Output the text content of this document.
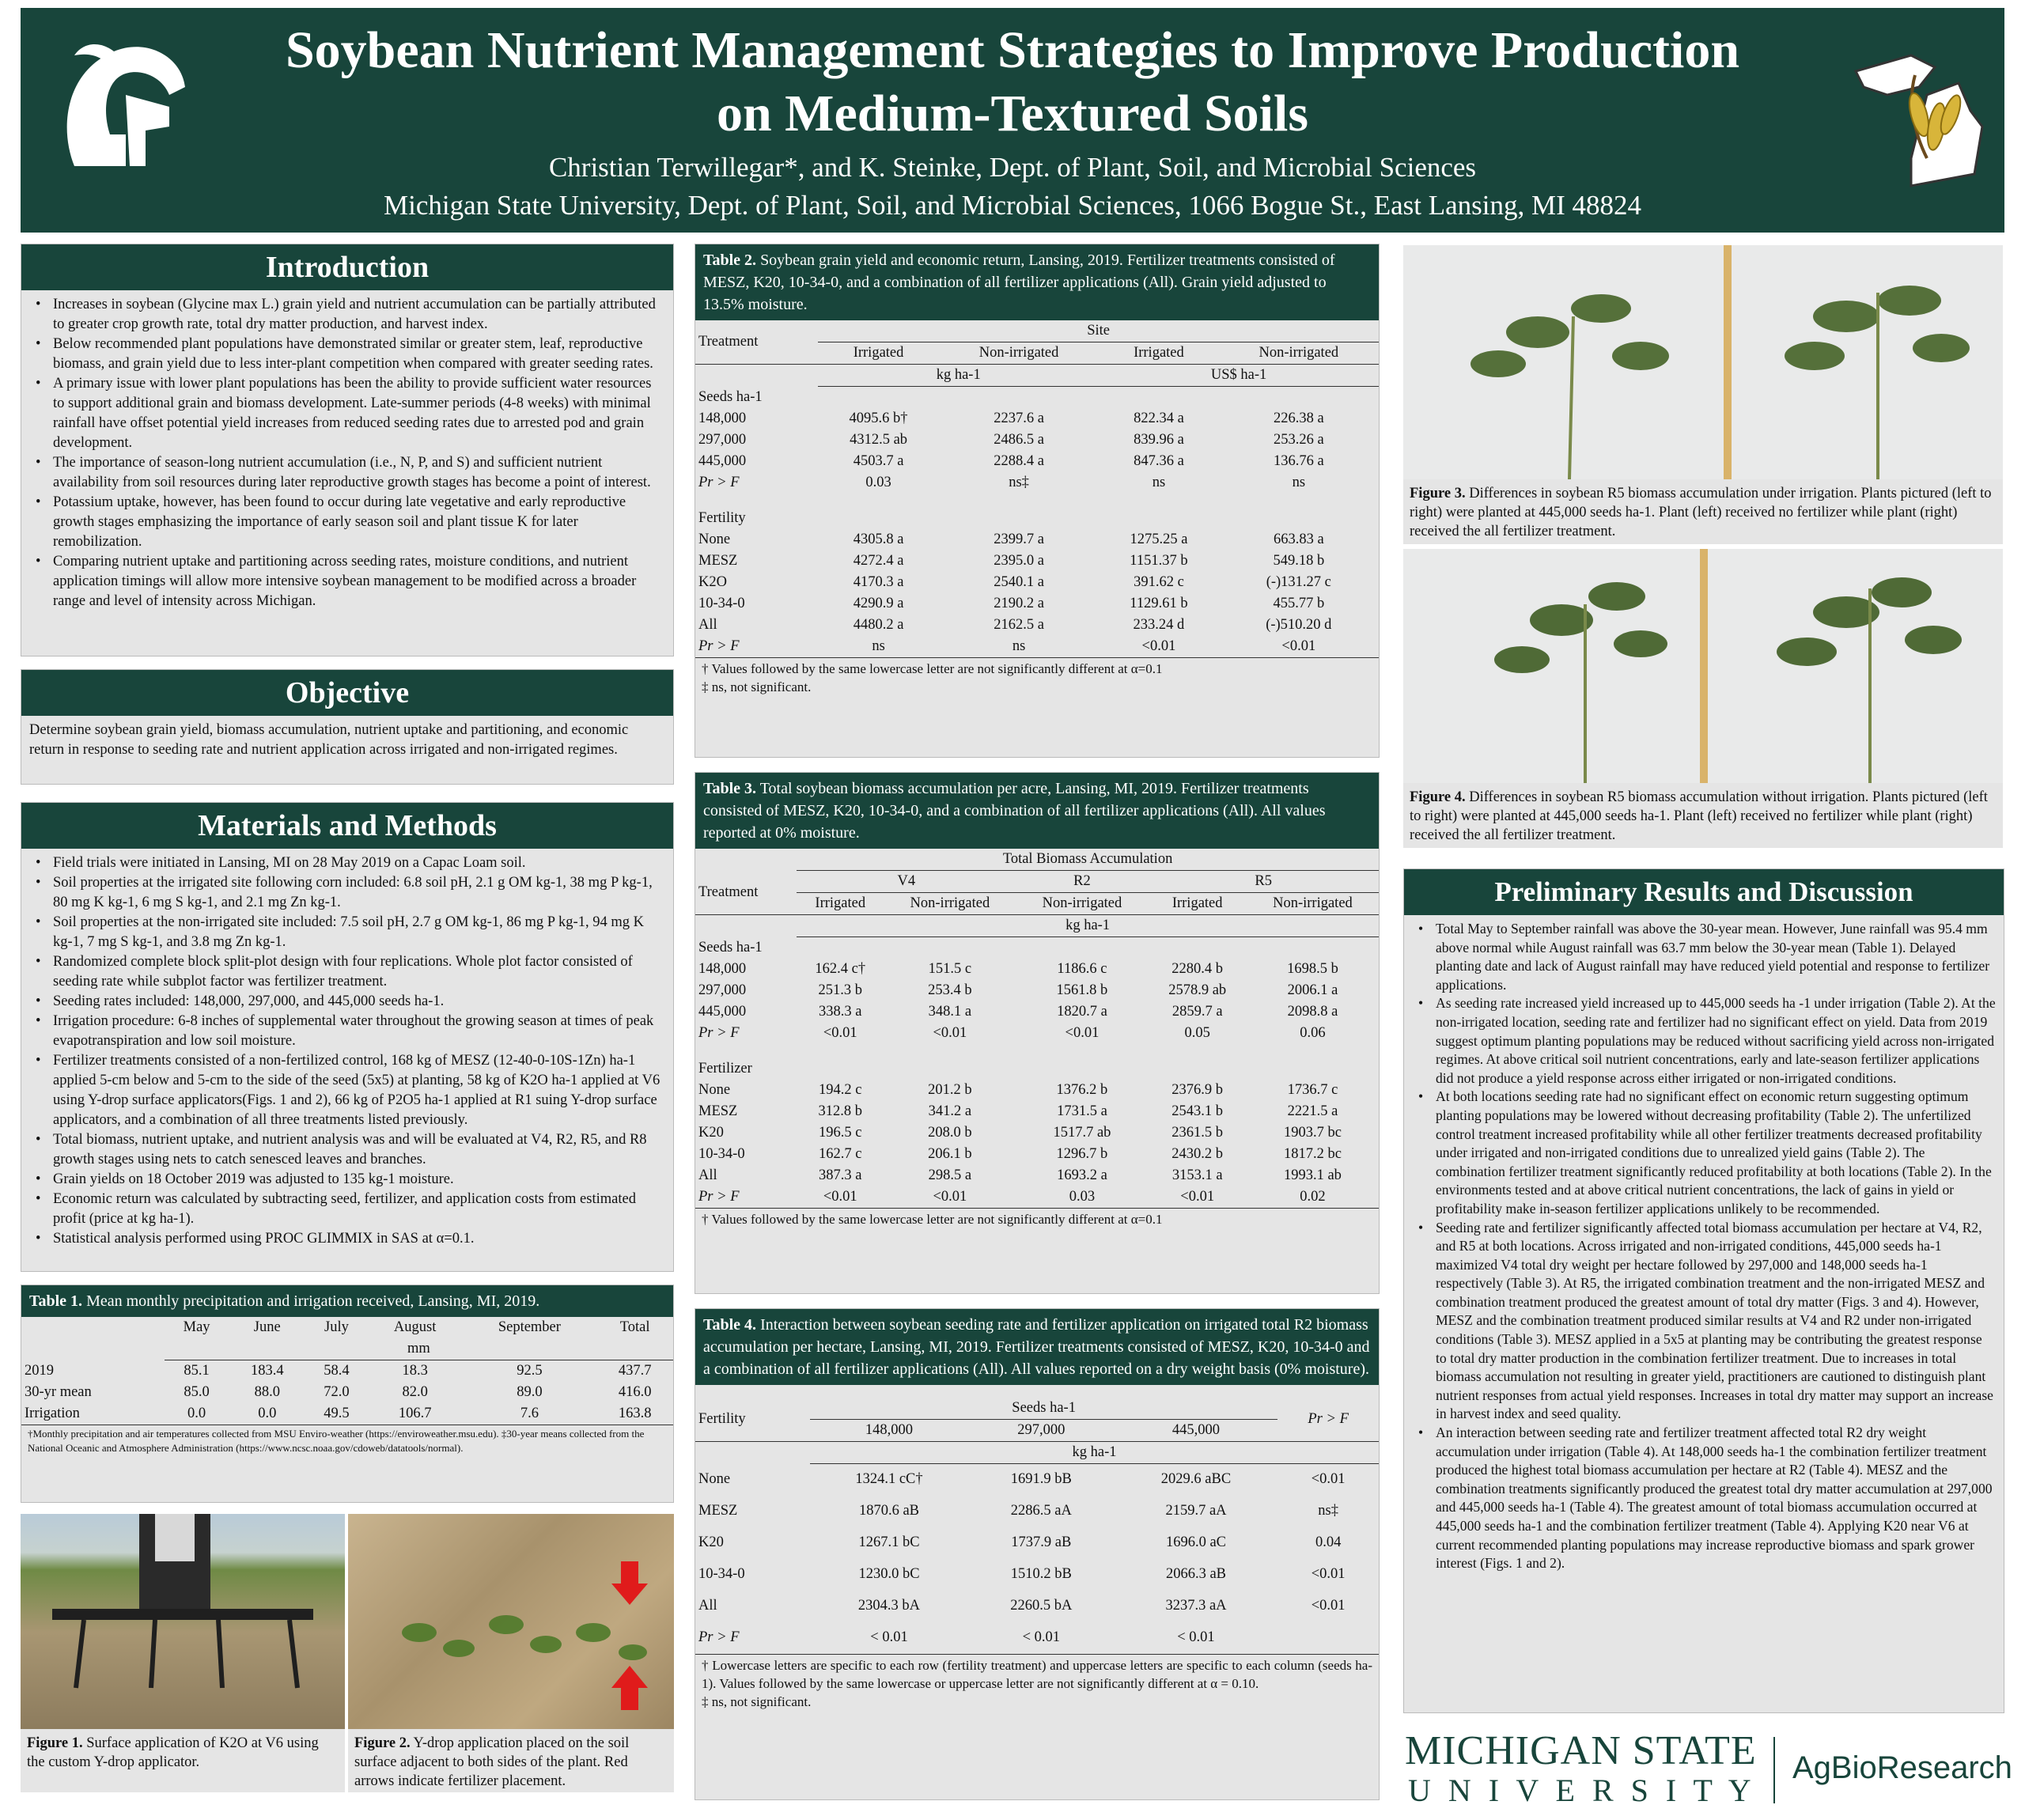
Soybean Nutrient Management Strategies to Improve Production
on Medium-Textured Soils
Christian Terwillegar*, and K. Steinke, Dept. of Plant, Soil, and Microbial Sciences
Michigan State University, Dept. of Plant, Soil, and Microbial Sciences, 1066 Bogue St., East Lansing, MI 48824
Introduction
• Increases in soybean (Glycine max L.) grain yield and nutrient accumulation can be partially attributed to greater crop growth rate, total dry matter production, and harvest index.
• Below recommended plant populations have demonstrated similar or greater stem, leaf, reproductive biomass, and grain yield due to less inter-plant competition when compared with greater seeding rates.
• A primary issue with lower plant populations has been the ability to provide sufficient water resources to support additional grain and biomass development. Late-summer periods (4-8 weeks) with minimal rainfall have offset potential yield increases from reduced seeding rates due to arrested pod and grain development.
• The importance of season-long nutrient accumulation (i.e., N, P, and S) and sufficient nutrient availability from soil resources during later reproductive growth stages has become a point of interest.
• Potassium uptake, however, has been found to occur during late vegetative and early reproductive growth stages emphasizing the importance of early season soil and plant tissue K for later remobilization.
• Comparing nutrient uptake and partitioning across seeding rates, moisture conditions, and nutrient application timings will allow more intensive soybean management to be modified across a broader range and level of intensity across Michigan.
Objective
Determine soybean grain yield, biomass accumulation, nutrient uptake and partitioning, and economic return in response to seeding rate and nutrient application across irrigated and non-irrigated regimes.
Materials and Methods
• Field trials were initiated in Lansing, MI on 28 May 2019 on a Capac Loam soil.
• Soil properties at the irrigated site following corn included: 6.8 soil pH, 2.1 g OM kg-1, 38 mg P kg-1, 80 mg K kg-1, 6 mg S kg-1, and 2.1 mg Zn kg-1.
• Soil properties at the non-irrigated site included: 7.5 soil pH, 2.7 g OM kg-1, 86 mg P kg-1, 94 mg K kg-1, 7 mg S kg-1, and 3.8 mg Zn kg-1.
• Randomized complete block split-plot design with four replications. Whole plot factor consisted of seeding rate while subplot factor was fertilizer treatment.
• Seeding rates included: 148,000, 297,000, and 445,000 seeds ha-1.
• Irrigation procedure: 6-8 inches of supplemental water throughout the growing season at times of peak evapotranspiration and low soil moisture.
• Fertilizer treatments consisted of a non-fertilized control, 168 kg of MESZ (12-40-0-10S-1Zn) ha-1 applied 5-cm below and 5-cm to the side of the seed (5x5) at planting, 58 kg of K2O ha-1 applied at V6 using Y-drop surface applicators(Figs. 1 and 2), 66 kg of P2O5 ha-1 applied at R1 suing Y-drop surface applicators, and a combination of all three treatments listed previously.
• Total biomass, nutrient uptake, and nutrient analysis was and will be evaluated at V4, R2, R5, and R8 growth stages using nets to catch senesced leaves and branches.
• Grain yields on 18 October 2019 was adjusted to 135 kg-1 moisture.
• Economic return was calculated by subtracting seed, fertilizer, and application costs from estimated profit (price at kg ha-1).
• Statistical analysis performed using PROC GLIMMIX in SAS at α=0.1.
Table 1. Mean monthly precipitation and irrigation received, Lansing, MI, 2019.
	May	June	July	August	September	Total
	mm					
2019	85.1	183.4	58.4	18.3	92.5	437.7
30-yr mean	85.0	88.0	72.0	82.0	89.0	416.0
Irrigation	0.0	0.0	49.5	106.7	7.6	163.8
†Monthly precipitation and air temperatures collected from MSU Enviro-weather (https://enviroweather.msu.edu). ‡30-year means collected from the National Oceanic and Atmosphere Administration (https://www.ncsc.noaa.gov/cdoweb/datatools/normal).
Figure 1. Surface application of K2O at V6 using the custom Y-drop applicator.
Figure 2. Y-drop application placed on the soil surface adjacent to both sides of the plant. Red arrows indicate fertilizer placement.
Table 2. Soybean grain yield and economic return, Lansing, 2019. Fertilizer treatments consisted of MESZ, K20, 10-34-0, and a combination of all fertilizer applications (All). Grain yield adjusted to 13.5% moisture.
Treatment	Site			
	Irrigated	Non-irrigated	Irrigated	Non-irrigated
	kg ha-1		US$ ha-1	
Seeds ha-1				
148,000	4095.6 b†	2237.6 a	822.34 a	226.38 a
297,000	4312.5 ab	2486.5 a	839.96 a	253.26 a
445,000	4503.7 a	2288.4 a	847.36 a	136.76 a
Pr > F	0.03	ns‡	ns	ns

Fertility				
None	4305.8 a	2399.7 a	1275.25 a	663.83 a
MESZ	4272.4 a	2395.0 a	1151.37 b	549.18 b
K2O	4170.3 a	2540.1 a	391.62 c	(-)131.27 c
10-34-0	4290.9 a	2190.2 a	1129.61 b	455.77 b
All	4480.2 a	2162.5 a	233.24 d	(-)510.20 d
Pr > F	ns	ns	<0.01	<0.01
† Values followed by the same lowercase letter are not significantly different at α=0.1
‡ ns, not significant.
Table 3. Total soybean biomass accumulation per acre, Lansing, MI, 2019. Fertilizer treatments consisted of MESZ, K20, 10-34-0, and a combination of all fertilizer applications (All). All values reported at 0% moisture.
	Total Biomass Accumulation				
Treatment	V4		R2	R5	
	Irrigated	Non-irrigated	Non-irrigated	Irrigated	Non-irrigated
	kg ha-1				
Seeds ha-1					
148,000	162.4 c†	151.5 c	1186.6 c	2280.4 b	1698.5 b
297,000	251.3 b	253.4 b	1561.8 b	2578.9 ab	2006.1 a
445,000	338.3 a	348.1 a	1820.7 a	2859.7 a	2098.8 a
Pr > F	<0.01	<0.01	<0.01	0.05	0.06

Fertilizer					
None	194.2 c	201.2 b	1376.2 b	2376.9 b	1736.7 c
MESZ	312.8 b	341.2 a	1731.5 a	2543.1 b	2221.5 a
K20	196.5 c	208.0 b	1517.7 ab	2361.5 b	1903.7 bc
10-34-0	162.7 c	206.1 b	1296.7 b	2430.2 b	1817.2 bc
All	387.3 a	298.5 a	1693.2 a	3153.1 a	1993.1 ab
Pr > F	<0.01	<0.01	0.03	<0.01	0.02
† Values followed by the same lowercase letter are not significantly different at α=0.1
Table 4. Interaction between soybean seeding rate and fertilizer application on irrigated total R2 biomass accumulation per hectare, Lansing, MI, 2019. Fertilizer treatments consisted of MESZ, K20, 10-34-0 and a combination of all fertilizer applications (All). All values reported on a dry weight basis (0% moisture).
Fertility	Seeds ha-1			Pr > F
	148,000	297,000	445,000	
	kg ha-1			
None	1324.1 cC†	1691.9 bB	2029.6 aBC	<0.01
MESZ	1870.6 aB	2286.5 aA	2159.7 aA	ns‡
K20	1267.1 bC	1737.9 aB	1696.0 aC	0.04
10-34-0	1230.0 bC	1510.2 bB	2066.3 aB	<0.01
All	2304.3 bA	2260.5 bA	3237.3 aA	<0.01
Pr > F	< 0.01	< 0.01	< 0.01	
† Lowercase letters are specific to each row (fertility treatment) and uppercase letters are specific to each column (seeds ha-1). Values followed by the same lowercase or uppercase letter are not significantly different at α = 0.10.
‡ ns, not significant.
Figure 3. Differences in soybean R5 biomass accumulation under irrigation. Plants pictured (left to right) were planted at 445,000 seeds ha-1. Plant (left) received no fertilizer while plant (right) received the all fertilizer treatment.
Figure 4. Differences in soybean R5 biomass accumulation without irrigation. Plants pictured (left to right) were planted at 445,000 seeds ha-1. Plant (left) received no fertilizer while plant (right) received the all fertilizer treatment.
Preliminary Results and Discussion
• Total May to September rainfall was above the 30-year mean. However, June rainfall was 95.4 mm above normal while August rainfall was 63.7 mm below the 30-year mean (Table 1). Delayed planting date and lack of August rainfall may have reduced yield potential and response to fertilizer applications.
• As seeding rate increased yield increased up to 445,000 seeds ha -1 under irrigation (Table 2). At the non-irrigated location, seeding rate and fertilizer had no significant effect on yield. Data from 2019 suggest optimum planting populations may be reduced without sacrificing yield across non-irrigated regimes. At above critical soil nutrient concentrations, early and late-season fertilizer applications did not produce a yield response across either irrigated or non-irrigated conditions.
• At both locations seeding rate had no significant effect on economic return suggesting optimum planting populations may be lowered without decreasing profitability (Table 2). The unfertilized control treatment increased profitability while all other fertilizer treatments decreased profitability under irrigated and non-irrigated conditions due to unrealized yield gains (Table 2). The combination fertilizer treatment significantly reduced profitability at both locations (Table 2). In the environments tested and at above critical nutrient concentrations, the lack of gains in yield or profitability make in-season fertilizer applications unlikely to be recommended.
• Seeding rate and fertilizer significantly affected total biomass accumulation per hectare at V4, R2, and R5 at both locations. Across irrigated and non-irrigated conditions, 445,000 seeds ha-1 maximized V4 total dry weight per hectare followed by 297,000 and 148,000 seeds ha-1 respectively (Table 3). At R5, the irrigated combination treatment and the non-irrigated MESZ and combination treatment produced the greatest amount of total dry matter (Figs. 3 and 4). However, MESZ and the combination treatment produced similar results at V4 and R2 under non-irrigated conditions (Table 3). MESZ applied in a 5x5 at planting may be contributing the greatest response to total dry matter production in the combination fertilizer treatment. Due to increases in total biomass accumulation not resulting in greater yield, practitioners are cautioned to distinguish plant nutrient responses from actual yield responses. Increases in total dry matter may support an increase in harvest index and seed quality.
• An interaction between seeding rate and fertilizer treatment affected total R2 dry weight accumulation under irrigation (Table 4). At 148,000 seeds ha-1 the combination fertilizer treatment produced the highest total biomass accumulation per hectare at R2 (Table 4). MESZ and the combination treatments significantly produced the greatest total dry matter accumulation at 297,000 and 445,000 seeds ha-1 (Table 4). The greatest amount of total biomass accumulation occurred at 445,000 seeds ha-1 and the combination fertilizer treatment (Table 4). Applying K20 near V6 at current recommended planting populations may increase reproductive biomass and spark grower interest (Figs. 1 and 2).
MICHIGAN STATE
U N I V E R S I T Y
AgBioResearch
